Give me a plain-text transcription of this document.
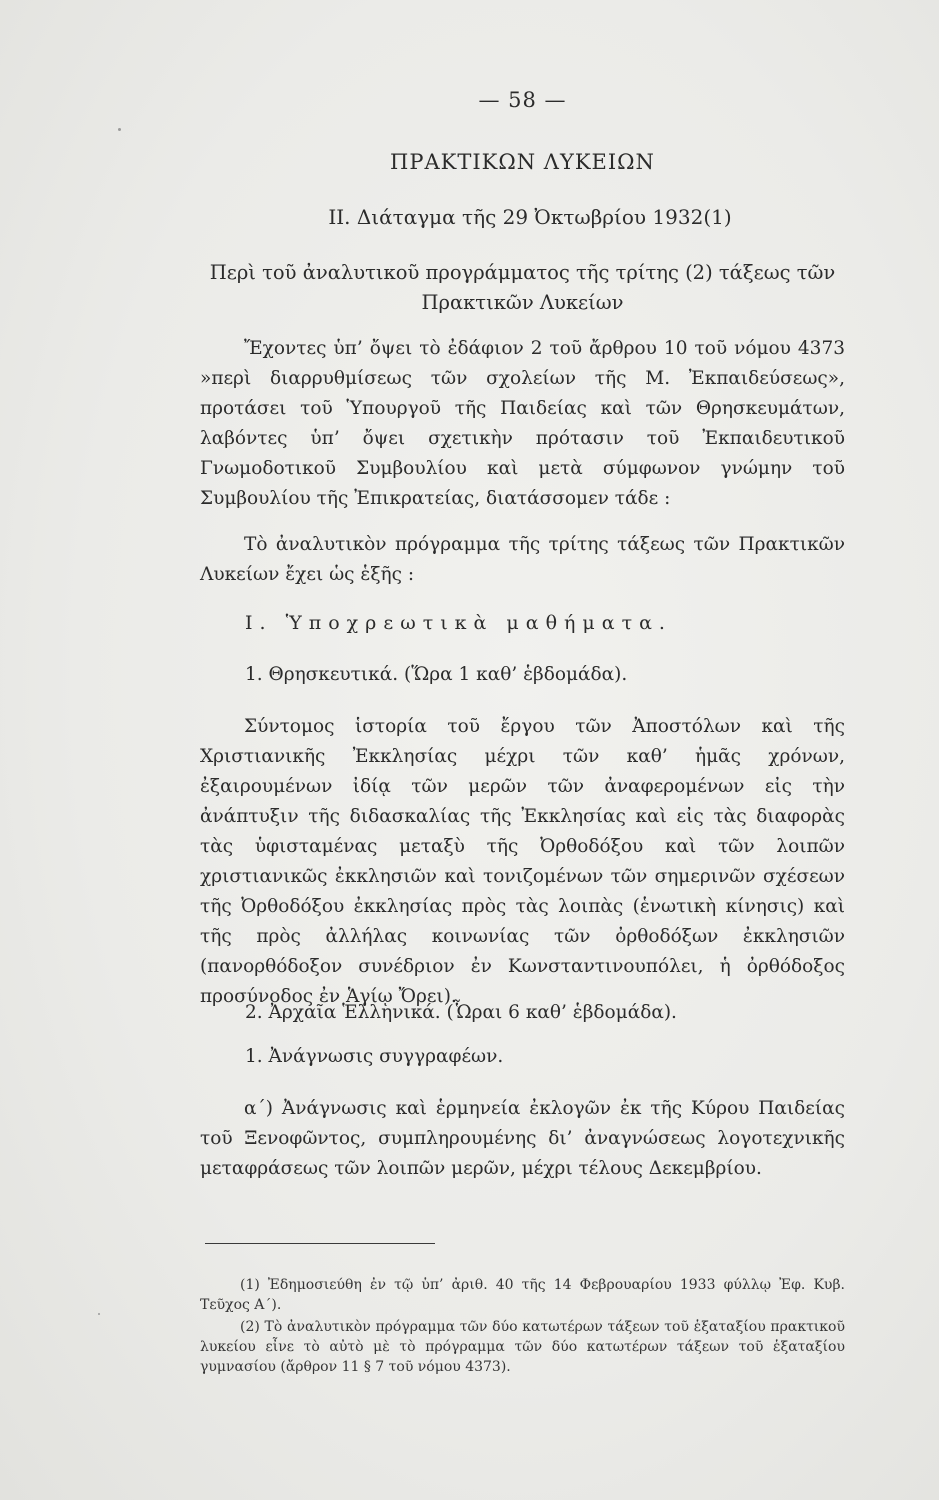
— 58 —
ΠΡΑΚΤΙΚΩΝ ΛΥΚΕΙΩΝ
ΙΙ. Διάταγμα τῆς 29 Ὀκτωβρίου 1932(1)
Περὶ τοῦ ἀναλυτικοῦ προγράμματος τῆς τρίτης (2) τάξεως τῶν Πρακτικῶν Λυκείων

Ἔχοντες ὑπ’ ὄψει τὸ ἐδάφιον 2 τοῦ ἄρθρου 10 τοῦ νόμου 4373 »περὶ διαρρυθμίσεως τῶν σχολείων τῆς Μ. Ἐκπαιδεύσεως», προτάσει τοῦ Ὑπουργοῦ τῆς Παιδείας καὶ τῶν Θρησκευμάτων, λαβόντες ὑπ’ ὄψει σχετικὴν πρότασιν τοῦ Ἐκπαιδευτικοῦ Γνωμοδοτικοῦ Συμβουλίου καὶ μετὰ σύμφωνον γνώμην τοῦ Συμβουλίου τῆς Ἐπικρατείας, διατάσσομεν τάδε :

Τὸ ἀναλυτικὸν πρόγραμμα τῆς τρίτης τάξεως τῶν Πρακτικῶν Λυκείων ἔχει ὡς ἑξῆς :

Ι. Ὑποχρεωτικὰ μαθήματα.
1. Θρησκευτικά. (Ὥρα 1 καθ’ ἑβδομάδα).

Σύντομος ἱστορία τοῦ ἔργου τῶν Ἀποστόλων καὶ τῆς Χριστιανικῆς Ἐκκλησίας μέχρι τῶν καθ’ ἡμᾶς χρόνων, ἐξαιρουμένων ἰδίᾳ τῶν μερῶν τῶν ἀναφερομένων εἰς τὴν ἀνάπτυξιν τῆς διδασκαλίας τῆς Ἐκκλησίας καὶ εἰς τὰς διαφορὰς τὰς ὑφισταμένας μεταξὺ τῆς Ὀρθοδόξου καὶ τῶν λοιπῶν χριστιανικῶς ἐκκλησιῶν καὶ τονιζομένων τῶν σημερινῶν σχέσεων τῆς Ὀρθοδόξου ἐκκλησίας πρὸς τὰς λοιπὰς (ἑνωτικὴ κίνησις) καὶ τῆς πρὸς ἀλλήλας κοινωνίας τῶν ὀρθοδόξων ἐκκλησιῶν (πανορθόδοξον συνέδριον ἐν Κωνσταντινουπόλει, ἡ ὀρθόδοξος προσύνοδος ἐν Ἁγίῳ Ὄρει).

2. Ἀρχαῖα Ἑλληνικά. (Ὧραι 6 καθ’ ἑβδομάδα).
1. Ἀνάγνωσις συγγραφέων.

α΄) Ἀνάγνωσις καὶ ἑρμηνεία ἐκλογῶν ἐκ τῆς Κύρου Παιδείας τοῦ Ξενοφῶντος, συμπληρουμένης δι’ ἀναγνώσεως λογοτεχνικῆς μεταφράσεως τῶν λοιπῶν μερῶν, μέχρι τέλους Δεκεμβρίου.

(1) Ἐδημοσιεύθη ἐν τῷ ὑπ’ ἀριθ. 40 τῆς 14 Φεβρουαρίου 1933 φύλλῳ Ἐφ. Κυβ. Τεῦχος Α΄).

(2) Τὸ ἀναλυτικὸν πρόγραμμα τῶν δύο κατωτέρων τάξεων τοῦ ἑξαταξίου πρακτικοῦ λυκείου εἶνε τὸ αὐτὸ μὲ τὸ πρόγραμμα τῶν δύο κατωτέρων τάξεων τοῦ ἑξαταξίου γυμνασίου (ἄρθρον 11 § 7 τοῦ νόμου 4373).
